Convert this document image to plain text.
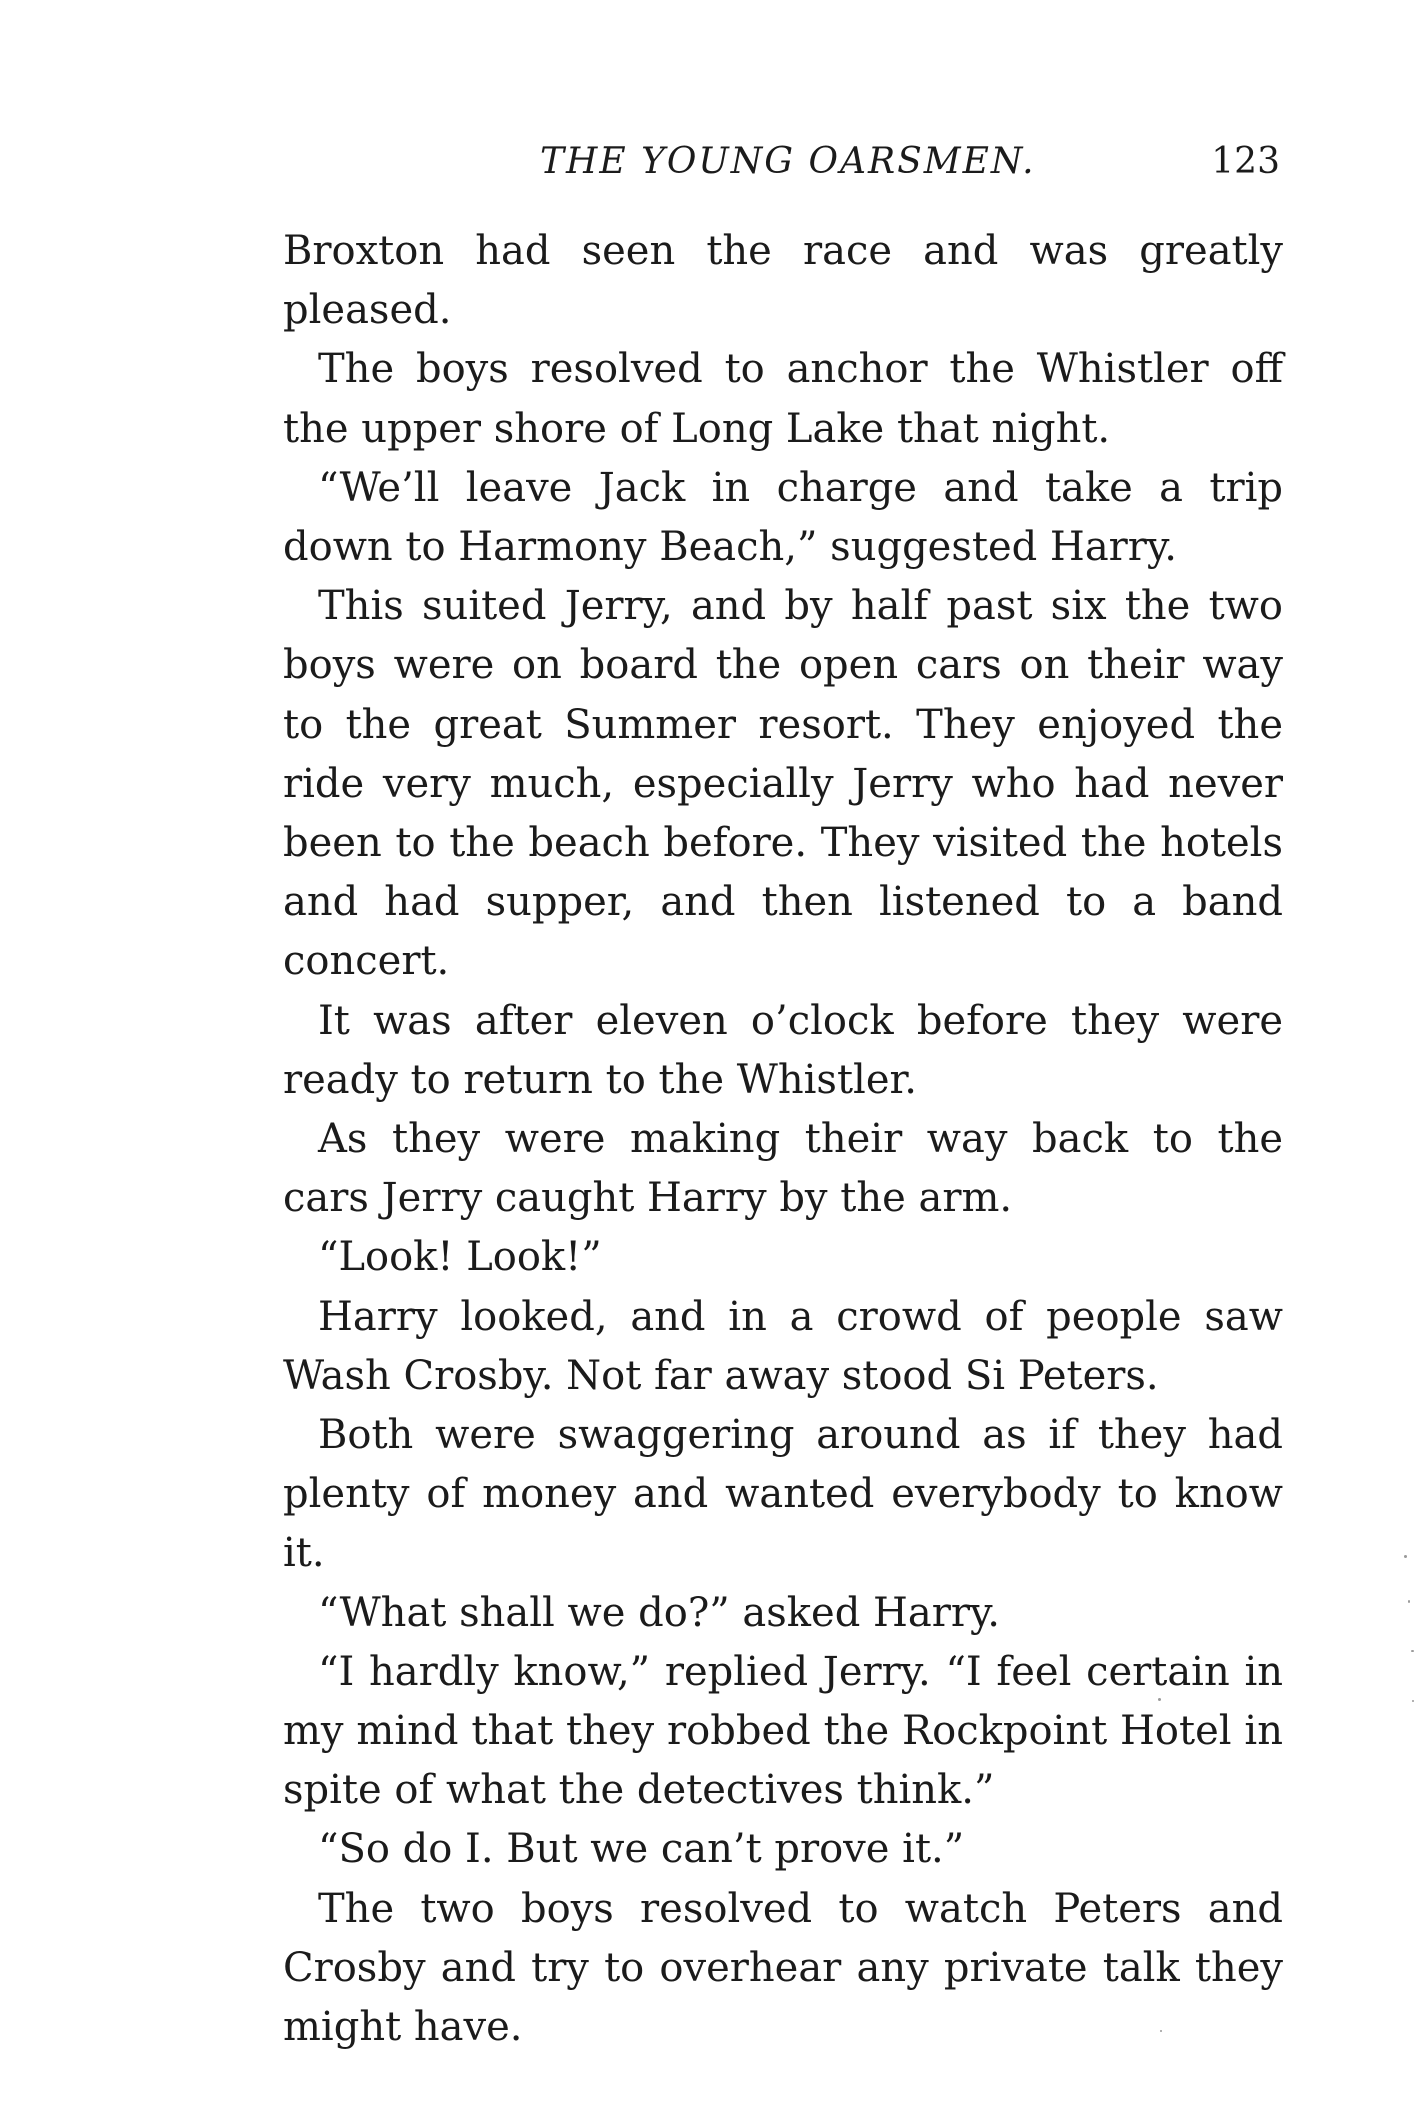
THE YOUNG OARSMEN.	123

Broxton had seen the race and was greatly pleased.

The boys resolved to anchor the Whistler off the upper shore of Long Lake that night.

“We’ll leave Jack in charge and take a trip down to Harmony Beach,” suggested Harry.

This suited Jerry, and by half past six the two boys were on board the open cars on their way to the great Summer resort. They enjoyed the ride very much, especially Jerry who had never been to the beach before. They visited the hotels and had supper, and then listened to a band concert.

It was after eleven o’clock before they were ready to return to the Whistler.

As they were making their way back to the cars Jerry caught Harry by the arm.

“Look! Look!”

Harry looked, and in a crowd of people saw Wash Crosby. Not far away stood Si Peters.

Both were swaggering around as if they had plenty of money and wanted everybody to know it.

“What shall we do?” asked Harry.

“I hardly know,” replied Jerry. “I feel certain in my mind that they robbed the Rockpoint Hotel in spite of what the detectives think.”

“So do I. But we can’t prove it.”

The two boys resolved to watch Peters and Crosby and try to overhear any private talk they might have.
